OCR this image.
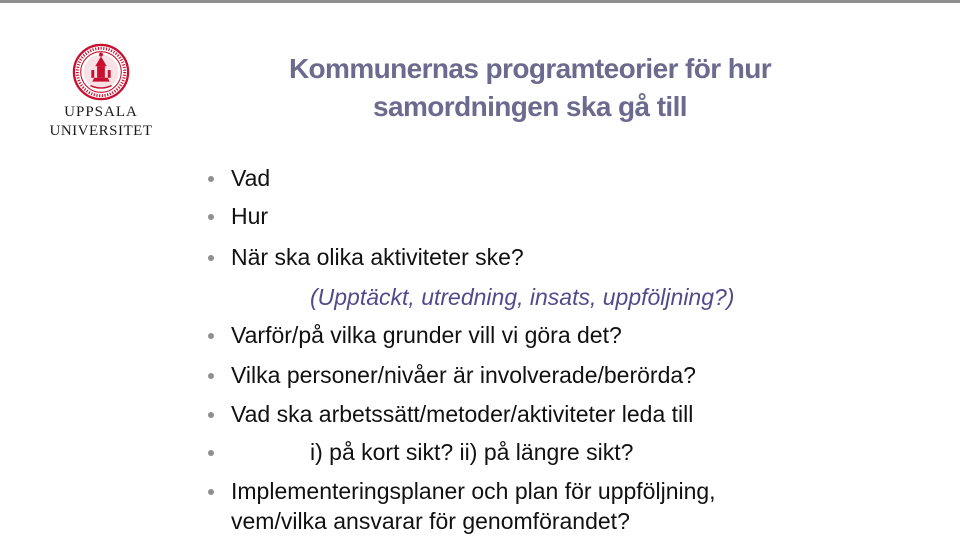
UPPSALA
UNIVERSITET
Kommunernas programteorier för hur
samordningen ska gå till
Vad
Hur
När ska olika aktiviteter ske?
(Upptäckt, utredning, insats, uppföljning?)
Varför/på vilka grunder vill vi göra det?
Vilka personer/nivåer är involverade/berörda?
Vad ska arbetssätt/metoder/aktiviteter leda till
i) på kort sikt? ii) på längre sikt?
Implementeringsplaner och plan för uppföljning,
vem/vilka ansvarar för genomförandet?
